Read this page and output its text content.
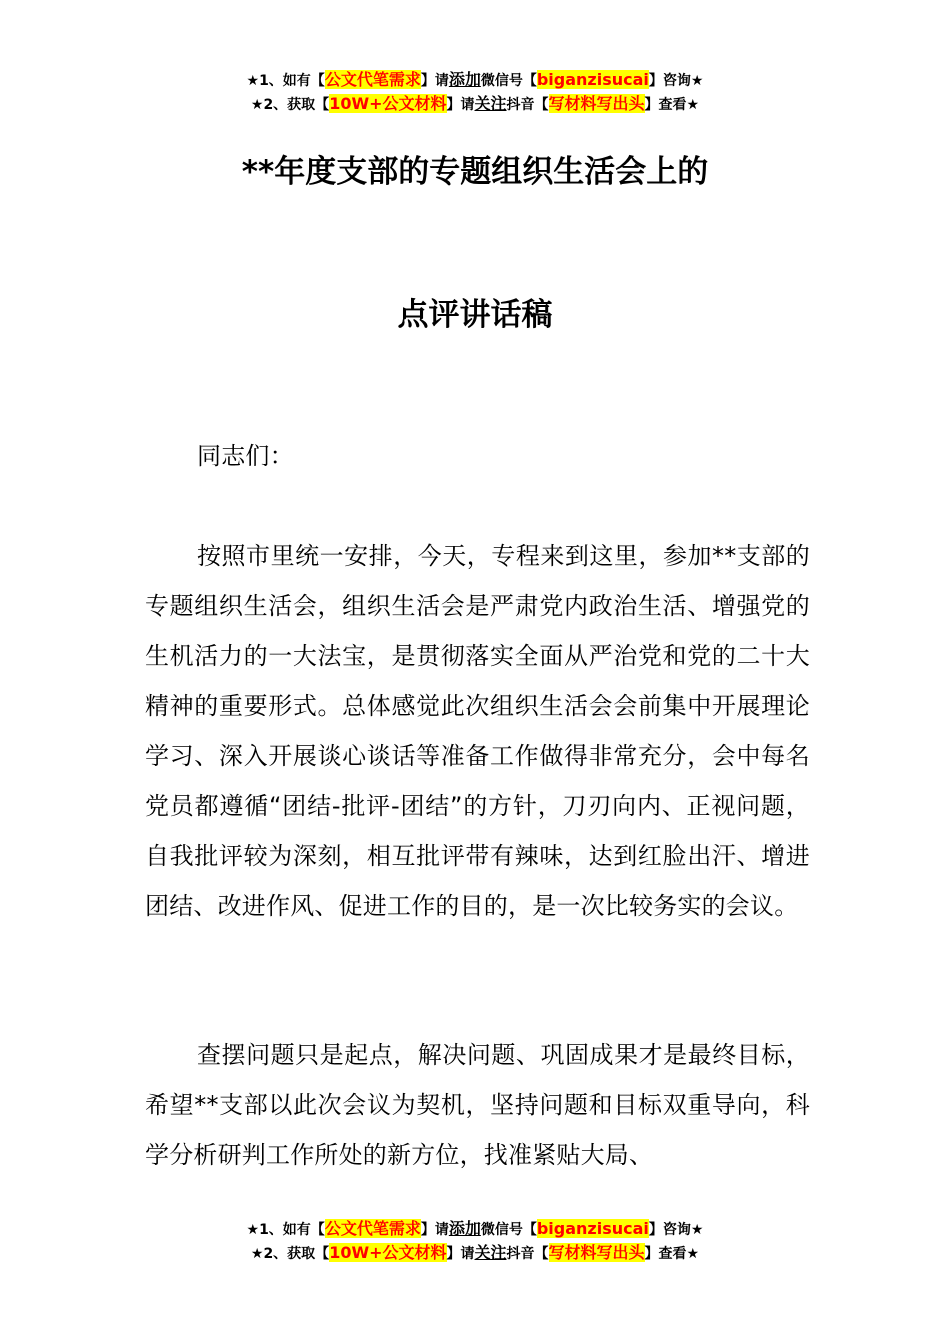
★1、如有【公文代笔需求】请添加微信号【biganzisucai】咨询★
★2、获取【10W+公文材料】请关注抖音【写材料写出头】查看★
**年度支部的专题组织生活会上的
点评讲话稿
同志们：
按照市里统一安排，今天，专程来到这里，参加**支部的专题组织生活会，组织生活会是严肃党内政治生活、增强党的生机活力的一大法宝，是贯彻落实全面从严治党和党的二十大精神的重要形式。总体感觉此次组织生活会会前集中开展理论学习、深入开展谈心谈话等准备工作做得非常充分，会中每名党员都遵循“团结-批评-团结”的方针，刀刃向内、正视问题，自我批评较为深刻，相互批评带有辣味，达到红脸出汗、增进团结、改进作风、促进工作的目的，是一次比较务实的会议。
查摆问题只是起点，解决问题、巩固成果才是最终目标，希望**支部以此次会议为契机，坚持问题和目标双重导向，科学分析研判工作所处的新方位，找准紧贴大局、
★1、如有【公文代笔需求】请添加微信号【biganzisucai】咨询★
★2、获取【10W+公文材料】请关注抖音【写材料写出头】查看★
